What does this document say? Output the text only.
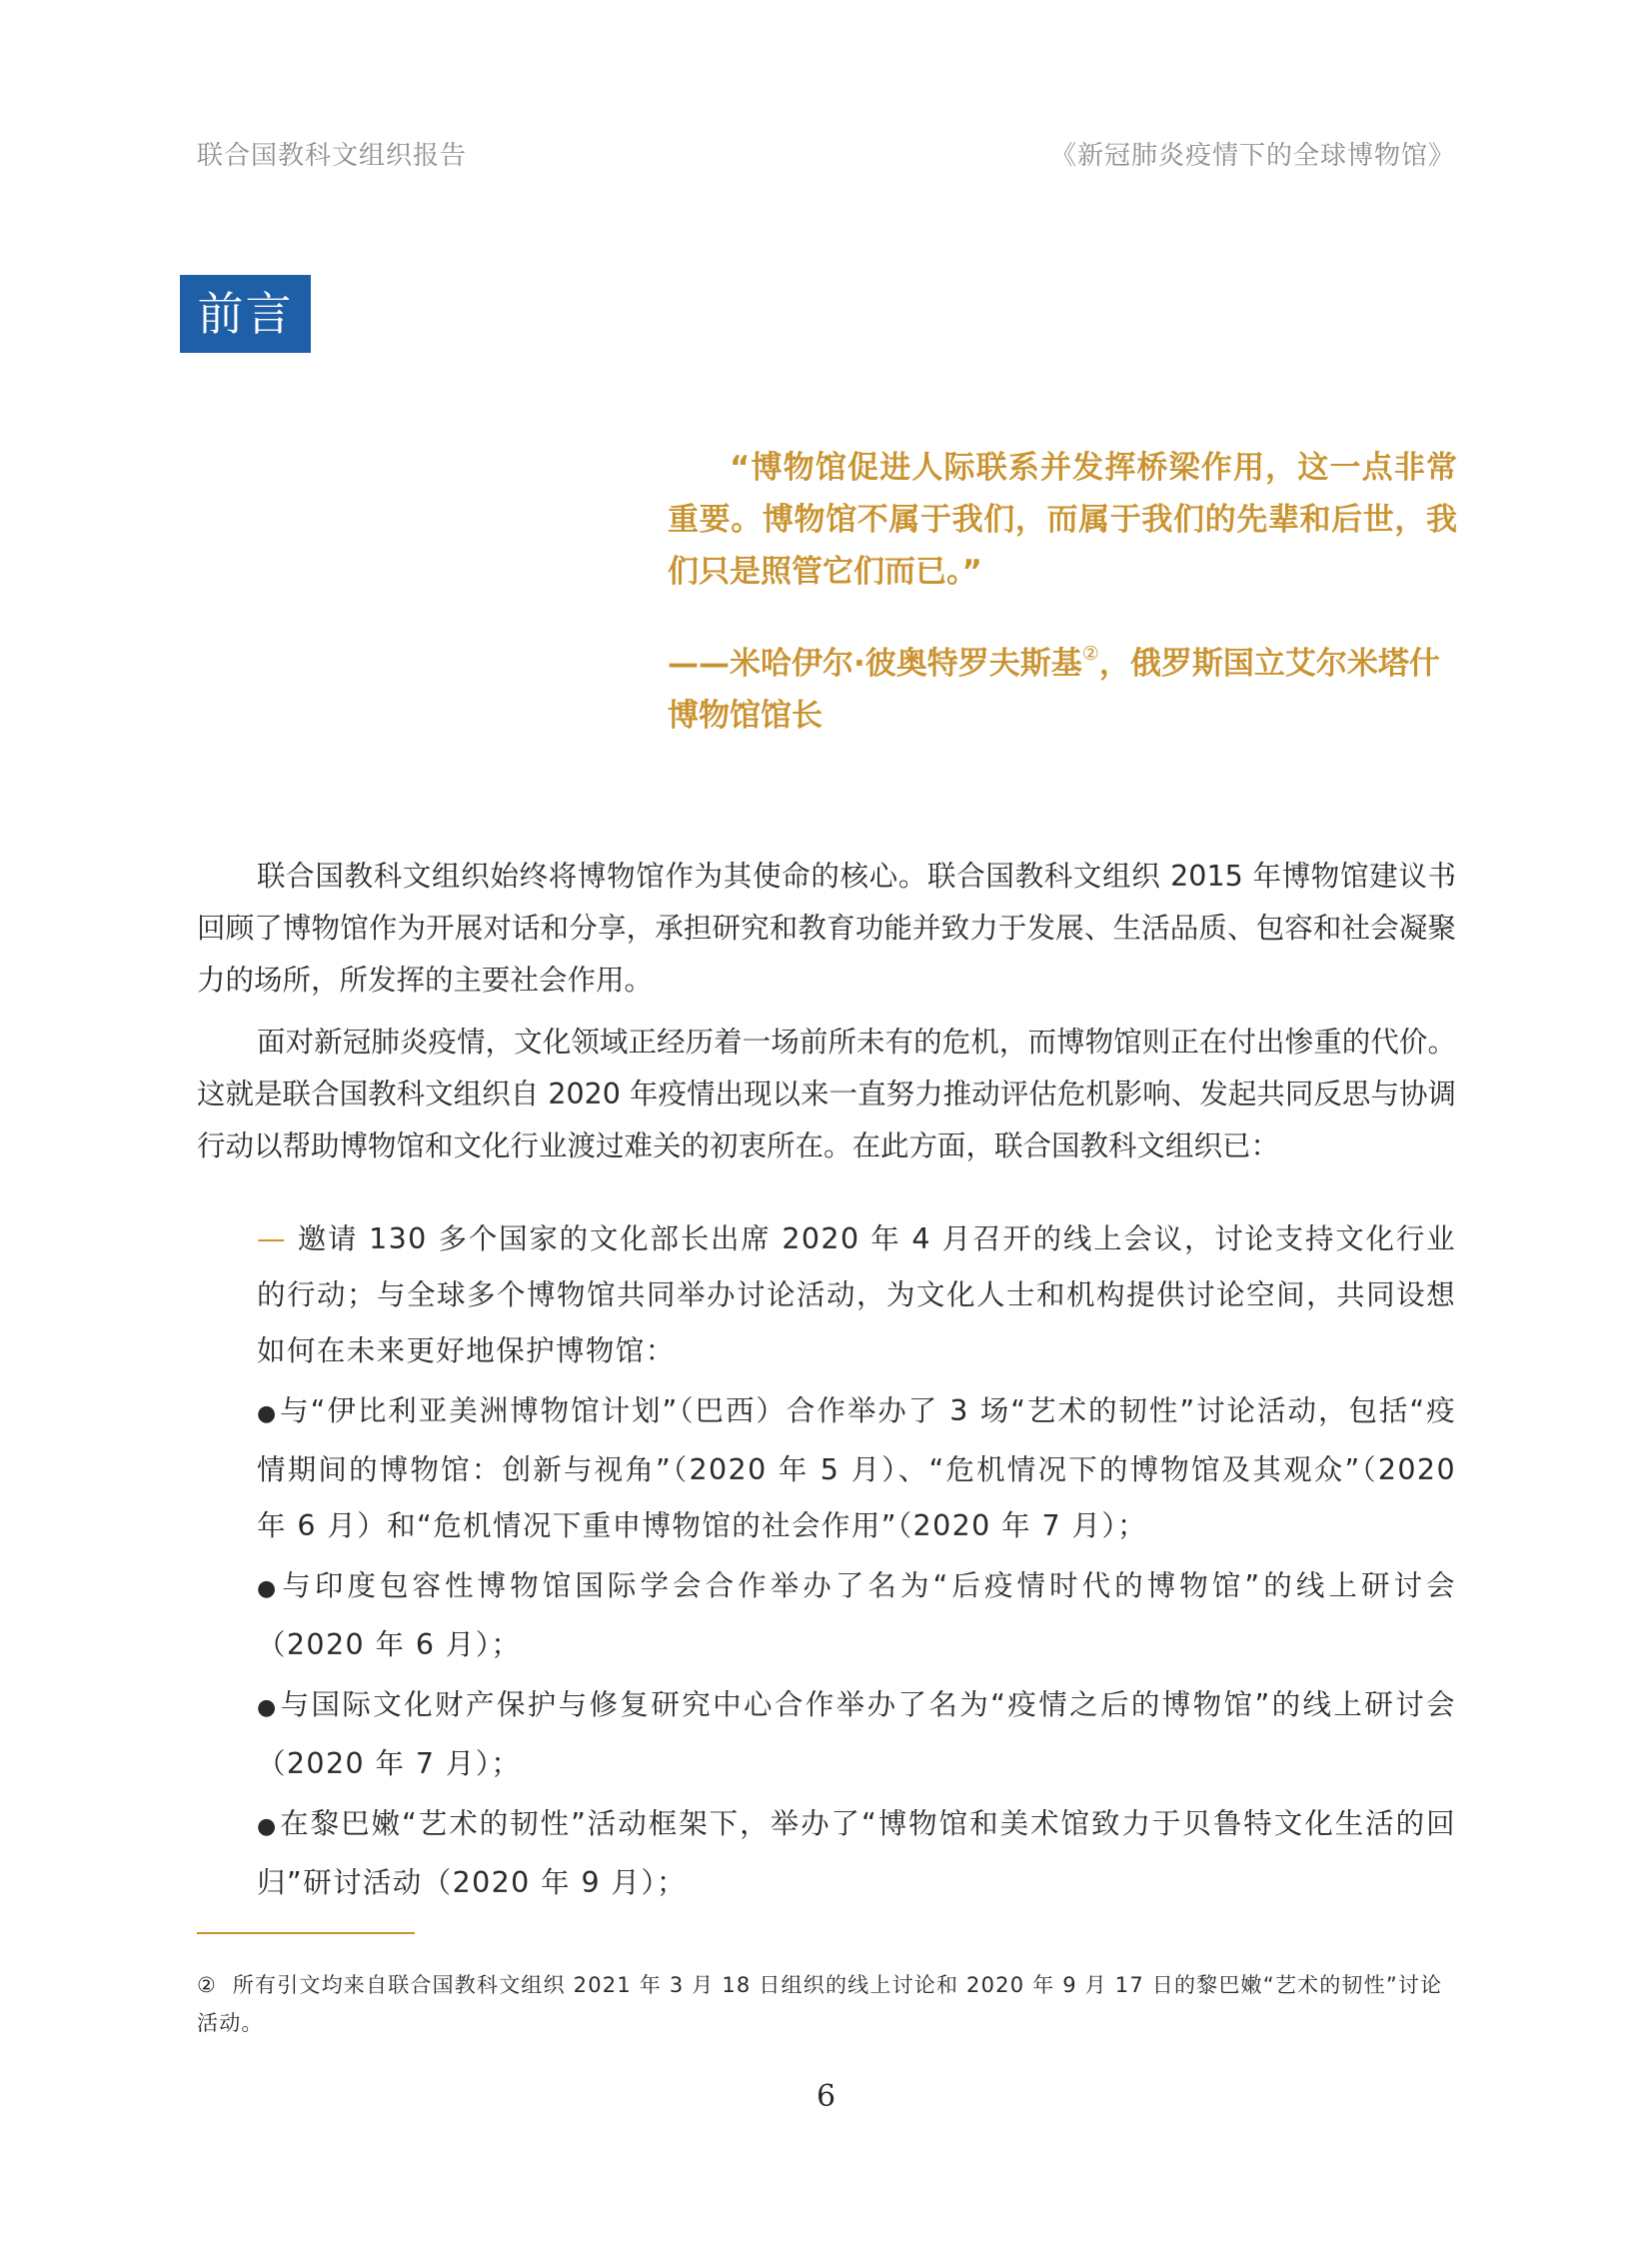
联合国教科文组织报告	《新冠肺炎疫情下的全球博物馆》
前言
“博物馆促进人际联系并发挥桥梁作用，这一点非常重要。博物馆不属于我们，而属于我们的先辈和后世，我们只是照管它们而已。”
——米哈伊尔·彼奥特罗夫斯基②，俄罗斯国立艾尔米塔什博物馆馆长

联合国教科文组织始终将博物馆作为其使命的核心。联合国教科文组织 2015 年博物馆建议书回顾了博物馆作为开展对话和分享，承担研究和教育功能并致力于发展、生活品质、包容和社会凝聚力的场所，所发挥的主要社会作用。

面对新冠肺炎疫情，文化领域正经历着一场前所未有的危机，而博物馆则正在付出惨重的代价。这就是联合国教科文组织自 2020 年疫情出现以来一直努力推动评估危机影响、发起共同反思与协调行动以帮助博物馆和文化行业渡过难关的初衷所在。在此方面，联合国教科文组织已：

— 邀请 130 多个国家的文化部长出席 2020 年 4 月召开的线上会议，讨论支持文化行业的行动；与全球多个博物馆共同举办讨论活动，为文化人士和机构提供讨论空间，共同设想如何在未来更好地保护博物馆：
●与“伊比利亚美洲博物馆计划”（巴西）合作举办了 3 场“艺术的韧性”讨论活动，包括“疫情期间的博物馆：创新与视角”（2020 年 5 月）、“危机情况下的博物馆及其观众”（2020 年 6 月）和“危机情况下重申博物馆的社会作用”（2020 年 7 月）；
●与印度包容性博物馆国际学会合作举办了名为“后疫情时代的博物馆”的线上研讨会（2020 年 6 月）；
●与国际文化财产保护与修复研究中心合作举办了名为“疫情之后的博物馆”的线上研讨会（2020 年 7 月）；
●在黎巴嫩“艺术的韧性”活动框架下，举办了“博物馆和美术馆致力于贝鲁特文化生活的回归”研讨活动（2020 年 9 月）；
② 所有引文均来自联合国教科文组织 2021 年 3 月 18 日组织的线上讨论和 2020 年 9 月 17 日的黎巴嫩“艺术的韧性”讨论活动。
6
